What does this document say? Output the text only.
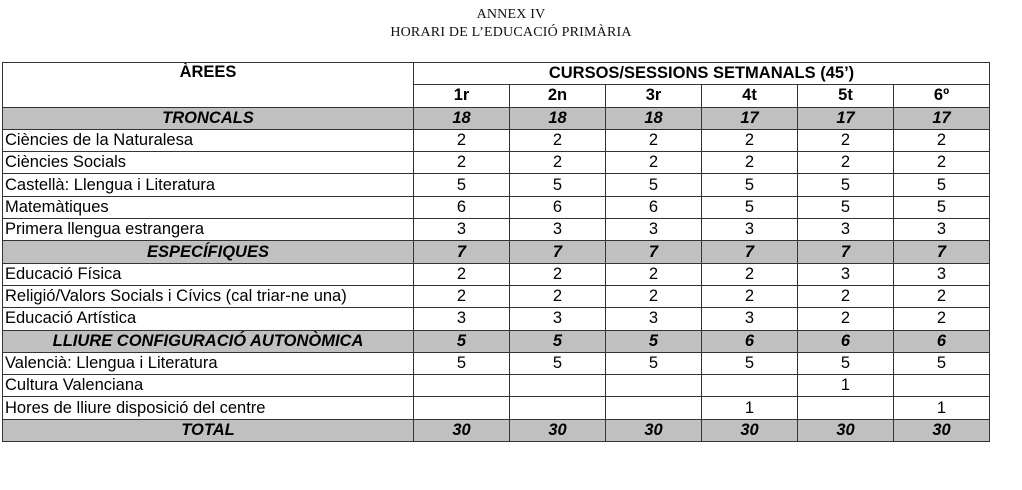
ANNEX IV
HORARI DE L’EDUCACIÓ PRIMÀRIA
ÀREES	CURSOS/SESSIONS SETMANALS (45’)					
	1r	2n	3r	4t	5t	6º
TRONCALS	18	18	18	17	17	17
Ciències de la Naturalesa	2	2	2	2	2	2
Ciències Socials	2	2	2	2	2	2
Castellà: Llengua i Literatura	5	5	5	5	5	5
Matemàtiques	6	6	6	5	5	5
Primera llengua estrangera	3	3	3	3	3	3
ESPECÍFIQUES	7	7	7	7	7	7
Educació Física	2	2	2	2	3	3
Religió/Valors Socials i Cívics (cal triar-ne una)	2	2	2	2	2	2
Educació Artística	3	3	3	3	2	2
LLIURE CONFIGURACIÓ AUTONÒMICA	5	5	5	6	6	6
Valencià: Llengua i Literatura	5	5	5	5	5	5
Cultura Valenciana					1	
Hores de lliure disposició del centre				1		1
TOTAL	30	30	30	30	30	30
